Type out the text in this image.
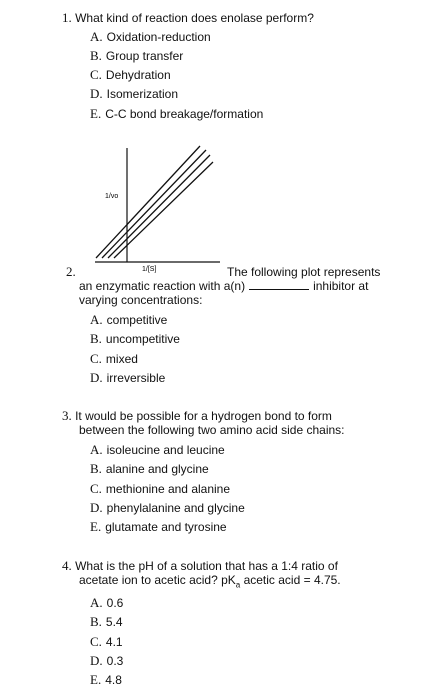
1. What kind of reaction does enolase perform?
A. Oxidation-reduction
B. Group transfer
C. Dehydration
D. Isomerization
E. C-C bond breakage/formation
1/vo
1/[S]
2.	The following plot represents
an enzymatic reaction with a(n)	inhibitor at
varying concentrations:
A. competitive
B. uncompetitive
C. mixed
D. irreversible
3. It would be possible for a hydrogen bond to form
between the following two amino acid side chains:
A. isoleucine and leucine
B. alanine and glycine
C. methionine and alanine
D. phenylalanine and glycine
E. glutamate and tyrosine
4. What is the pH of a solution that has a 1:4 ratio of
acetate ion to acetic acid? $pK_a$ acetic acid = 4.75.
A. 0.6
B. 5.4
C. 4.1
D. 0.3
E. 4.8
